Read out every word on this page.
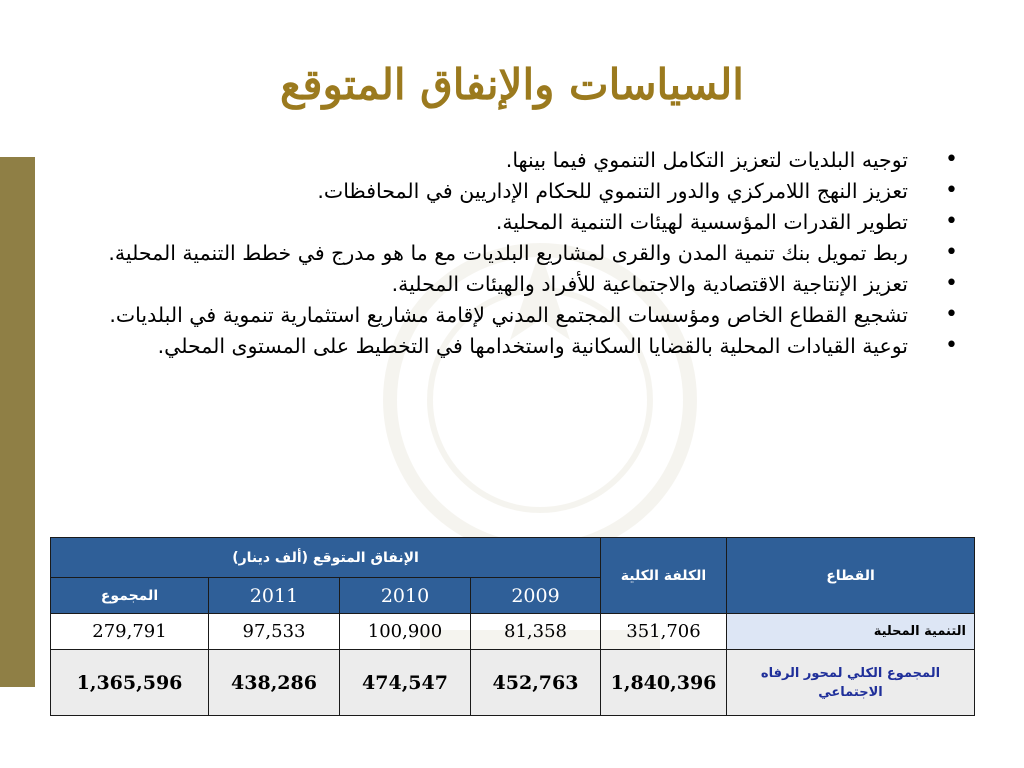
السياسات والإنفاق المتوقع
• توجيه البلديات لتعزيز التكامل التنموي فيما بينها.
• تعزيز النهج اللامركزي والدور التنموي للحكام الإداريين في المحافظات.
• تطوير القدرات المؤسسية لهيئات التنمية المحلية.
• ربط تمويل بنك تنمية المدن والقرى لمشاريع البلديات مع ما هو مدرج في خطط التنمية المحلية.
• تعزيز الإنتاجية الاقتصادية والاجتماعية للأفراد والهيئات المحلية.
• تشجيع القطاع الخاص ومؤسسات المجتمع المدني لإقامة مشاريع استثمارية تنموية في البلديات.
• توعية القيادات المحلية بالقضايا السكانية واستخدامها في التخطيط على المستوى المحلي.
القطاع	الكلفة الكلية	الإنفاق المتوقع (ألف دينار)			
		2009	2010	2011	المجموع
التنمية المحلية	351,706	81,358	100,900	97,533	279,791
المجموع الكلي لمحور الرفاه الاجتماعي	1,840,396	452,763	474,547	438,286	1,365,596
